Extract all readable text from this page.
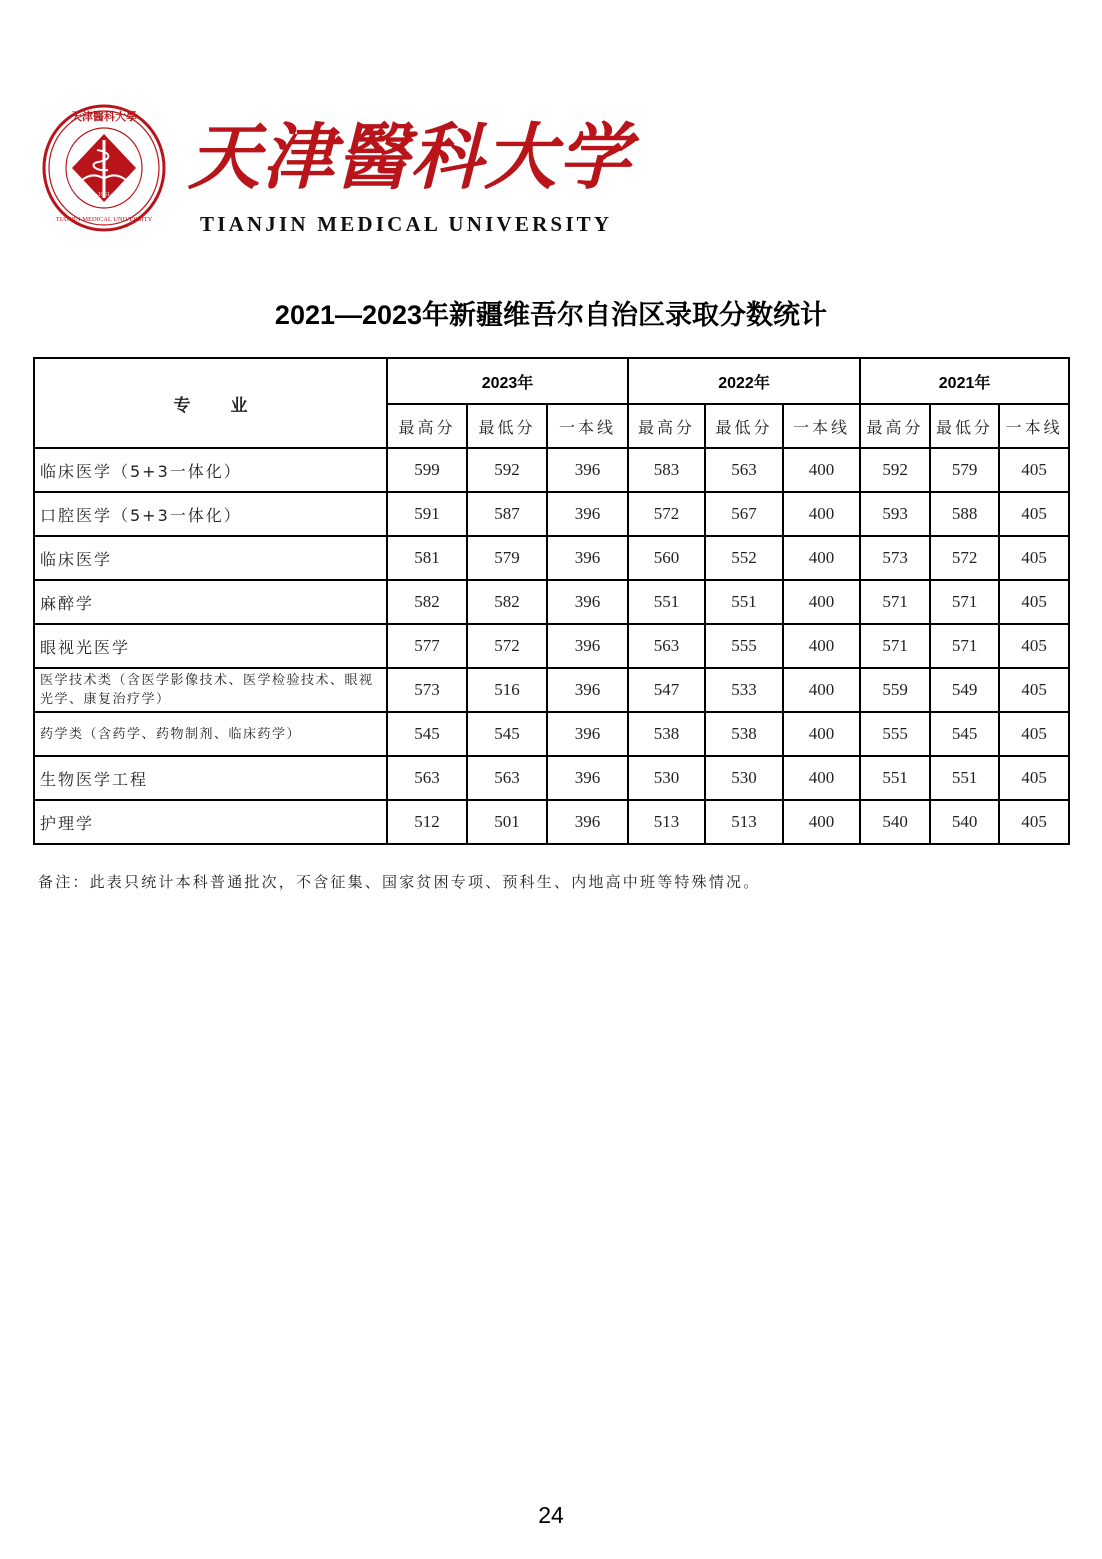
·1951·
天津醫科大學
TIANJIN MEDICAL UNIVERSITY
天津醫科大学
TIANJIN MEDICAL UNIVERSITY
2021—2023年新疆维吾尔自治区录取分数统计
专业	2023年			2022年			2021年		
	最高分	最低分	一本线	最高分	最低分	一本线	最高分	最低分	一本线
临床医学（5+3一体化）	599	592	396	583	563	400	592	579	405
口腔医学（5+3一体化）	591	587	396	572	567	400	593	588	405
临床医学	581	579	396	560	552	400	573	572	405
麻醉学	582	582	396	551	551	400	571	571	405
眼视光医学	577	572	396	563	555	400	571	571	405
医学技术类（含医学影像技术、医学检验技术、眼视光学、康复治疗学）	573	516	396	547	533	400	559	549	405
药学类（含药学、药物制剂、临床药学）	545	545	396	538	538	400	555	545	405
生物医学工程	563	563	396	530	530	400	551	551	405
护理学	512	501	396	513	513	400	540	540	405
备注：此表只统计本科普通批次，不含征集、国家贫困专项、预科生、内地高中班等特殊情况。
24
